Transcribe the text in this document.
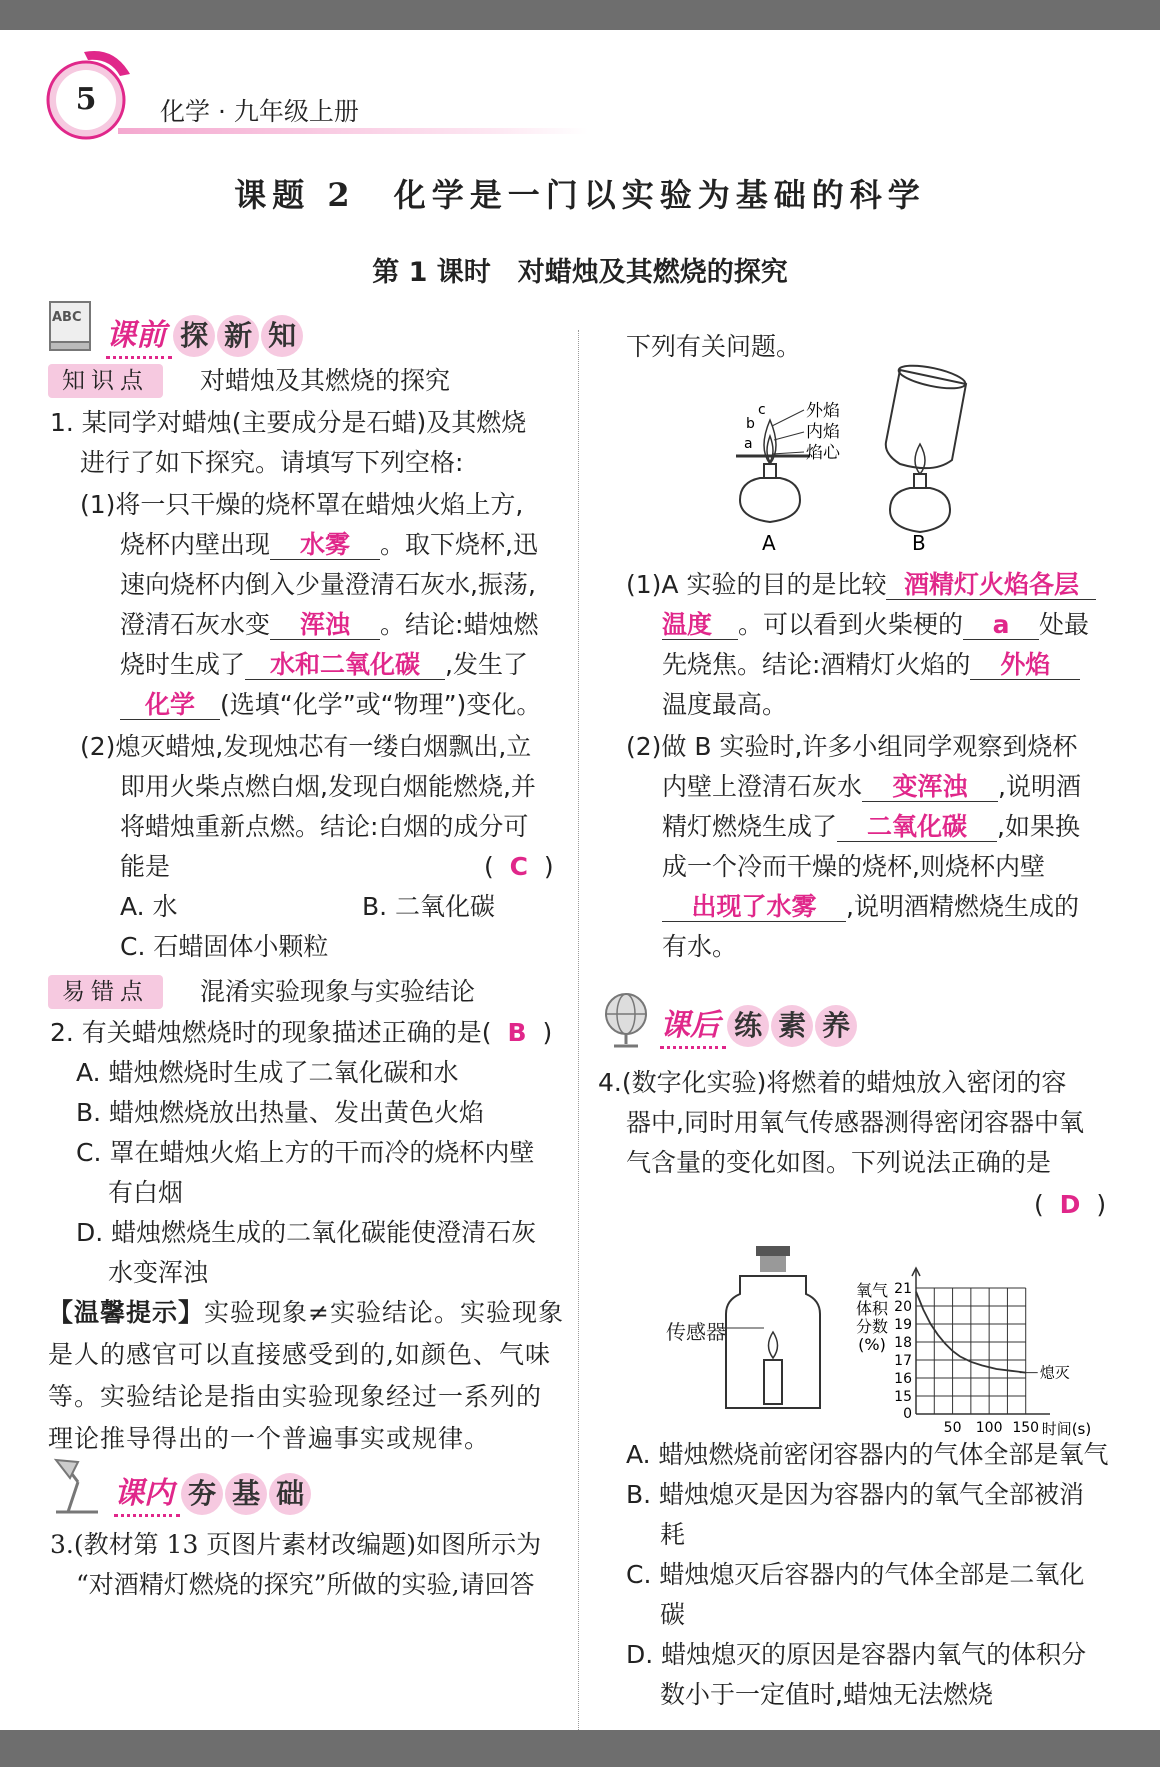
5	化学 · 九年级上册
课题 2　化学是一门以实验为基础的科学
第 1 课时　对蜡烛及其燃烧的探究
ABC
课前 探 新 知
知识点	对蜡烛及其燃烧的探究
1. 某同学对蜡烛(主要成分是石蜡)及其燃烧
进行了如下探究。请填写下列空格:
(1)将一只干燥的烧杯罩在蜡烛火焰上方,
烧杯内壁出现 水雾 。取下烧杯,迅
速向烧杯内倒入少量澄清石灰水,振荡,
澄清石灰水变 浑浊 。结论:蜡烛燃
烧时生成了 水和二氧化碳 ,发生了
化学 (选填“化学”或“物理”)变化。
(2)熄灭蜡烛,发现烛芯有一缕白烟飘出,立
即用火柴点燃白烟,发现白烟能燃烧,并
将蜡烛重新点燃。结论:白烟的成分可
能是	(  C  )
A. 水	B. 二氧化碳
C. 石蜡固体小颗粒
易错点	混淆实验现象与实验结论
2. 有关蜡烛燃烧时的现象描述正确的是( B )
A. 蜡烛燃烧时生成了二氧化碳和水
B. 蜡烛燃烧放出热量、发出黄色火焰
C. 罩在蜡烛火焰上方的干而冷的烧杯内壁
有白烟
D. 蜡烛燃烧生成的二氧化碳能使澄清石灰
水变浑浊
【温馨提示】实验现象≠实验结论。实验现象
是人的感官可以直接感受到的,如颜色、气味
等。实验结论是指由实验现象经过一系列的
理论推导得出的一个普遍事实或规律。
课内 夯 基 础
3.(教材第 13 页图片素材改编题)如图所示为
“对酒精灯燃烧的探究”所做的实验,请回答
下列有关问题。
外焰
内焰
焰心
c
b
a
A	B
(1)A 实验的目的是比较 酒精灯火焰各层
温度 。可以看到火柴梗的 a 处最
先烧焦。结论:酒精灯火焰的 外焰
温度最高。
(2)做 B 实验时,许多小组同学观察到烧杯
内壁上澄清石灰水 变浑浊 ,说明酒
精灯燃烧生成了 二氧化碳 ,如果换
成一个冷而干燥的烧杯,则烧杯内壁
出现了水雾 ,说明酒精燃烧生成的
有水。
课后 练 素 养
4.(数字化实验)将燃着的蜡烛放入密闭的容
器中,同时用氧气传感器测得密闭容器中氧
气含量的变化如图。下列说法正确的是
(  D  )
传感器
15
16
17
18
19
20
21
0
50 100 150 时间(s)
氧气
体积
分数
(%)
熄灭
A. 蜡烛燃烧前密闭容器内的气体全部是氧气
B. 蜡烛熄灭是因为容器内的氧气全部被消
耗
C. 蜡烛熄灭后容器内的气体全部是二氧化
碳
D. 蜡烛熄灭的原因是容器内氧气的体积分
数小于一定值时,蜡烛无法燃烧
